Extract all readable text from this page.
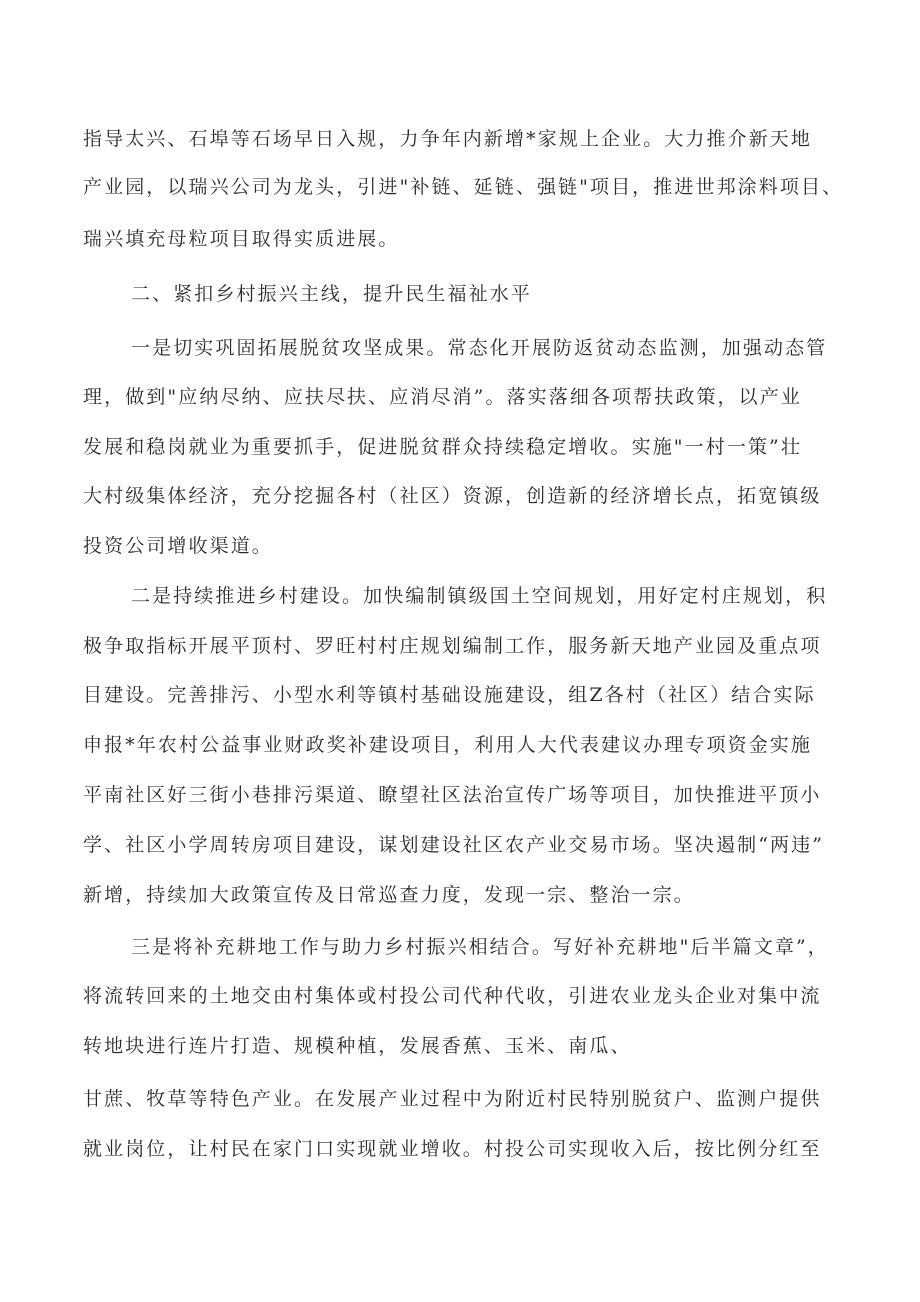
指导太兴、石埠等石场早日入规，力争年内新增*家规上企业。大力推介新天地
产业园，以瑞兴公司为龙头，引进"补链、延链、强链"项目，推进世邦涂料项目、
瑞兴填充母粒项目取得实质进展。
二、紧扣乡村振兴主线，提升民生福祉水平
一是切实巩固拓展脱贫攻坚成果。常态化开展防返贫动态监测，加强动态管
理，做到"应纳尽纳、应扶尽扶、应消尽消”。落实落细各项帮扶政策，以产业
发展和稳岗就业为重要抓手，促进脱贫群众持续稳定增收。实施"一村一策”壮
大村级集体经济，充分挖掘各村（社区）资源，创造新的经济增长点，拓宽镇级
投资公司增收渠道。
二是持续推进乡村建设。加快编制镇级国土空间规划，用好定村庄规划，积
极争取指标开展平顶村、罗旺村村庄规划编制工作，服务新天地产业园及重点项
目建设。完善排污、小型水利等镇村基础设施建设，组Z各村（社区）结合实际
申报*年农村公益事业财政奖补建设项目，利用人大代表建议办理专项资金实施
平南社区好三街小巷排污渠道、瞭望社区法治宣传广场等项目，加快推进平顶小
学、社区小学周转房项目建设，谋划建设社区农产业交易市场。坚决遏制“两违”
新增，持续加大政策宣传及日常巡查力度，发现一宗、整治一宗。
三是将补充耕地工作与助力乡村振兴相结合。写好补充耕地"后半篇文章”，
将流转回来的土地交由村集体或村投公司代种代收，引进农业龙头企业对集中流
转地块进行连片打造、规模种植，发展香蕉、玉米、南瓜、
甘蔗、牧草等特色产业。在发展产业过程中为附近村民特别脱贫户、监测户提供
就业岗位，让村民在家门口实现就业增收。村投公司实现收入后，按比例分红至
